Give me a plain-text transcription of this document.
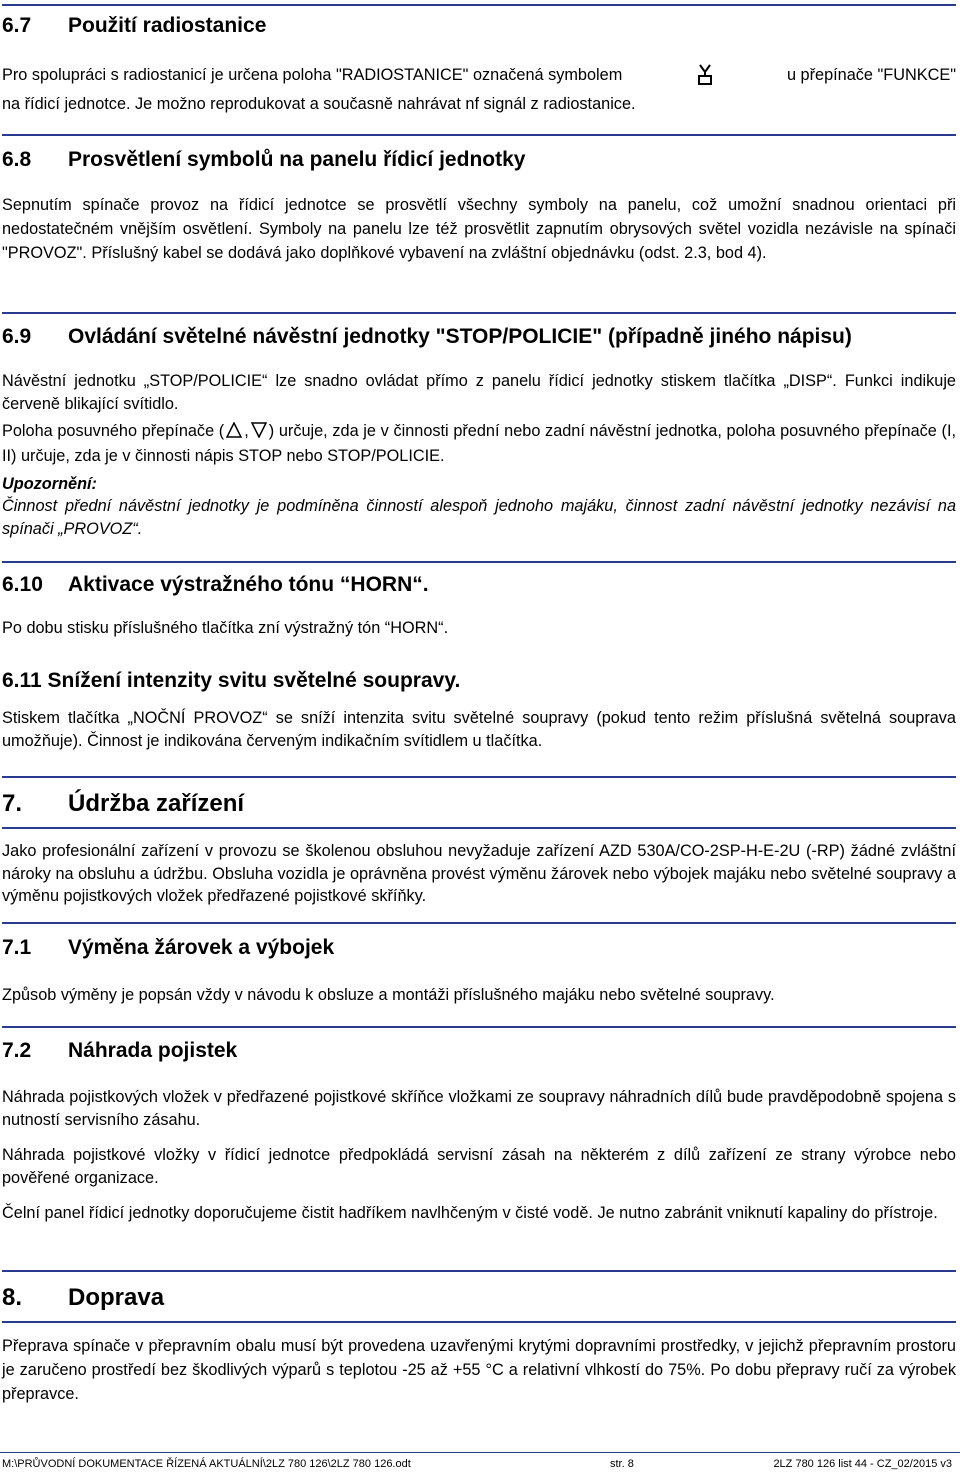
6.7 Použití radiostanice
Pro spolupráci s radiostanicí je určena poloha "RADIOSTANICE" označená symbolem	u přepínače "FUNKCE"
na řídicí jednotce. Je možno reprodukovat a současně nahrávat nf signál z radiostanice.
6.8 Prosvětlení symbolů na panelu řídicí jednotky
Sepnutím spínače provoz na řídicí jednotce se prosvětlí všechny symboly na panelu, což umožní snadnou orientaci při nedostatečném vnějším osvětlení. Symboly na panelu lze též prosvětlit zapnutím obrysových světel vozidla nezávisle na spínači "PROVOZ". Příslušný kabel se dodává jako doplňkové vybavení na zvláštní objednávku (odst. 2.3, bod 4).
6.9 Ovládání světelné návěstní jednotky "STOP/POLICIE" (případně jiného nápisu)
Návěstní jednotku „STOP/POLICIE“ lze snadno ovládat přímo z panelu řídicí jednotky stiskem tlačítka „DISP“. Funkci indikuje červeně blikající svítidlo.
Poloha posuvného přepínače ( , ) určuje, zda je v činnosti přední nebo zadní návěstní jednotka, poloha posuvného přepínače (I, II) určuje, zda je v činnosti nápis STOP nebo STOP/POLICIE.
Upozornění:
Činnost přední návěstní jednotky je podmíněna činností alespoň jednoho majáku, činnost zadní návěstní jednotky nezávisí na spínači „PROVOZ“.
6.10 Aktivace výstražného tónu “HORN“.
Po dobu stisku příslušného tlačítka zní výstražný tón “HORN“.
6.11 Snížení intenzity svitu světelné soupravy.
Stiskem tlačítka „NOČNÍ PROVOZ“ se sníží intenzita svitu světelné soupravy (pokud tento režim příslušná světelná souprava umožňuje). Činnost je indikována červeným indikačním svítidlem u tlačítka.
7. Údržba zařízení
Jako profesionální zařízení v provozu se školenou obsluhou nevyžaduje zařízení AZD 530A/CO-2SP-H-E-2U (-RP) žádné zvláštní nároky na obsluhu a údržbu. Obsluha vozidla je oprávněna provést výměnu žárovek nebo výbojek majáku nebo světelné soupravy a výměnu pojistkových vložek předřazené pojistkové skříňky.
7.1 Výměna žárovek a výbojek
Způsob výměny je popsán vždy v návodu k obsluze a montáži příslušného majáku nebo světelné soupravy.
7.2 Náhrada pojistek
Náhrada pojistkových vložek v předřazené pojistkové skříňce vložkami ze soupravy náhradních dílů bude pravděpodobně spojena s nutností servisního zásahu.
Náhrada pojistkové vložky v řídicí jednotce předpokládá servisní zásah na některém z dílů zařízení ze strany výrobce nebo pověřené organizace.
Čelní panel řídicí jednotky doporučujeme čistit hadříkem navlhčeným v čisté vodě. Je nutno zabránit vniknutí kapaliny do přístroje.
8. Doprava
Přeprava spínače v přepravním obalu musí být provedena uzavřenými krytými dopravními prostředky, v jejichž přepravním prostoru je zaručeno prostředí bez škodlivých výparů s teplotou -25 až +55 °C a relativní vlhkostí do 75%. Po dobu přepravy ručí za výrobek přepravce.
M:\PRŮVODNÍ DOKUMENTACE ŘÍZENÁ AKTUÁLNÍ\2LZ 780 126\2LZ 780 126.odt	str. 8	2LZ 780 126 list 44 - CZ_02/2015 v3
